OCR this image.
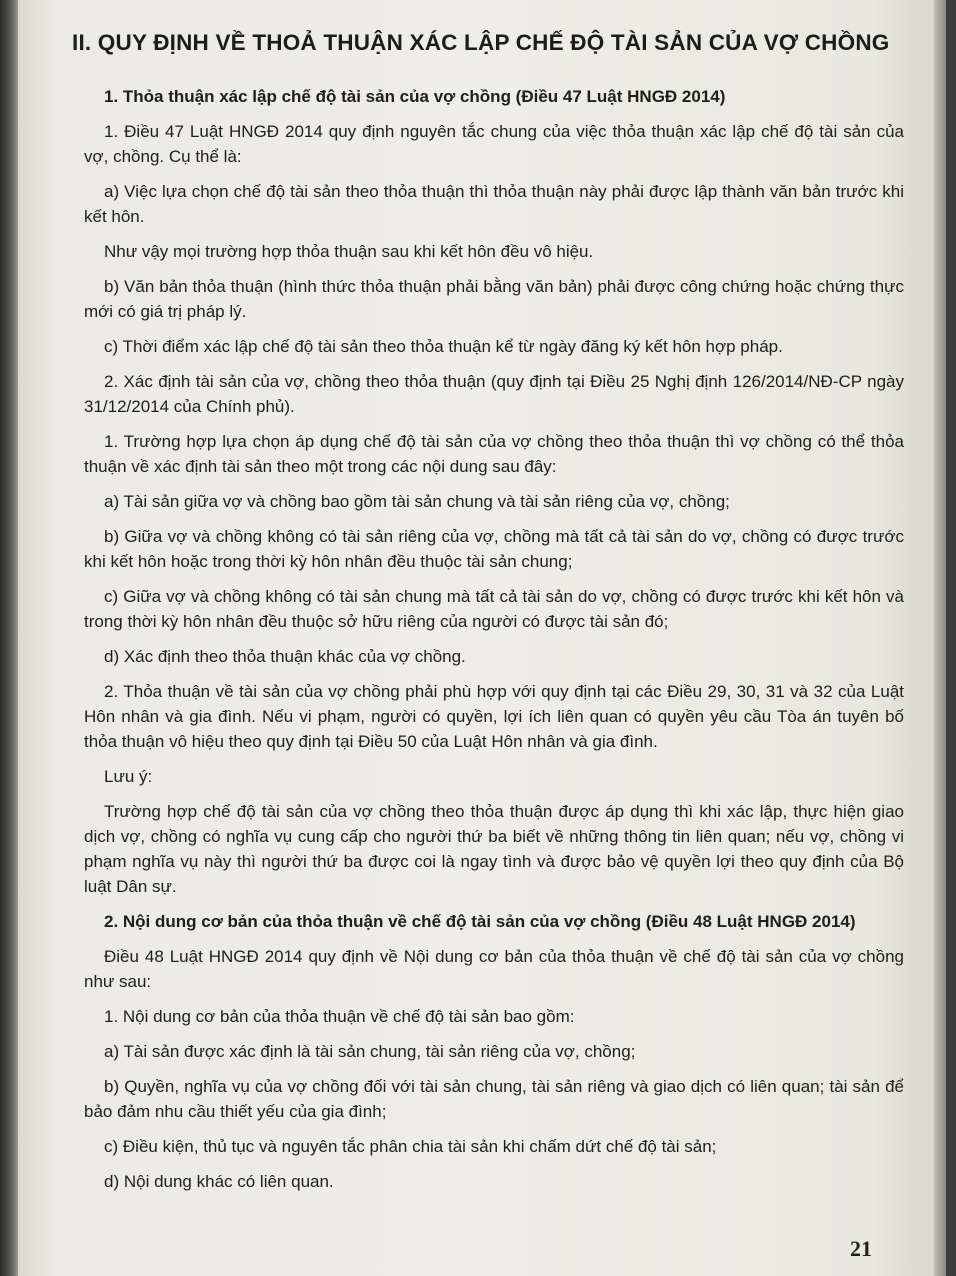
II. QUY ĐỊNH VỀ THOẢ THUẬN XÁC LẬP CHẾ ĐỘ TÀI SẢN CỦA VỢ CHỒNG

1. Thỏa thuận xác lập chế độ tài sản của vợ chồng (Điều 47 Luật HNGĐ 2014)

1. Điều 47 Luật HNGĐ 2014 quy định nguyên tắc chung của việc thỏa thuận xác lập chế độ tài sản của vợ, chồng. Cụ thể là:

a) Việc lựa chọn chế độ tài sản theo thỏa thuận thì thỏa thuận này phải được lập thành văn bản trước khi kết hôn.

Như vậy mọi trường hợp thỏa thuận sau khi kết hôn đều vô hiệu.

b) Văn bản thỏa thuận (hình thức thỏa thuận phải bằng văn bản) phải được công chứng hoặc chứng thực mới có giá trị pháp lý.

c) Thời điểm xác lập chế độ tài sản theo thỏa thuận kể từ ngày đăng ký kết hôn hợp pháp.

2. Xác định tài sản của vợ, chồng theo thỏa thuận (quy định tại Điều 25 Nghị định 126/2014/NĐ-CP ngày 31/12/2014 của Chính phủ).

1. Trường hợp lựa chọn áp dụng chế độ tài sản của vợ chồng theo thỏa thuận thì vợ chồng có thể thỏa thuận về xác định tài sản theo một trong các nội dung sau đây:

a) Tài sản giữa vợ và chồng bao gồm tài sản chung và tài sản riêng của vợ, chồng;

b) Giữa vợ và chồng không có tài sản riêng của vợ, chồng mà tất cả tài sản do vợ, chồng có được trước khi kết hôn hoặc trong thời kỳ hôn nhân đều thuộc tài sản chung;

c) Giữa vợ và chồng không có tài sản chung mà tất cả tài sản do vợ, chồng có được trước khi kết hôn và trong thời kỳ hôn nhân đều thuộc sở hữu riêng của người có được tài sản đó;

d) Xác định theo thỏa thuận khác của vợ chồng.

2. Thỏa thuận về tài sản của vợ chồng phải phù hợp với quy định tại các Điều 29, 30, 31 và 32 của Luật Hôn nhân và gia đình. Nếu vi phạm, người có quyền, lợi ích liên quan có quyền yêu cầu Tòa án tuyên bố thỏa thuận vô hiệu theo quy định tại Điều 50 của Luật Hôn nhân và gia đình.

Lưu ý:

Trường hợp chế độ tài sản của vợ chồng theo thỏa thuận được áp dụng thì khi xác lập, thực hiện giao dịch vợ, chồng có nghĩa vụ cung cấp cho người thứ ba biết về những thông tin liên quan; nếu vợ, chồng vi phạm nghĩa vụ này thì người thứ ba được coi là ngay tình và được bảo vệ quyền lợi theo quy định của Bộ luật Dân sự.

2. Nội dung cơ bản của thỏa thuận về chế độ tài sản của vợ chồng (Điều 48 Luật HNGĐ 2014)

Điều 48 Luật HNGĐ 2014 quy định về Nội dung cơ bản của thỏa thuận về chế độ tài sản của vợ chồng như sau:

1. Nội dung cơ bản của thỏa thuận về chế độ tài sản bao gồm:

a) Tài sản được xác định là tài sản chung, tài sản riêng của vợ, chồng;

b) Quyền, nghĩa vụ của vợ chồng đối với tài sản chung, tài sản riêng và giao dịch có liên quan; tài sản để bảo đảm nhu cầu thiết yếu của gia đình;

c) Điều kiện, thủ tục và nguyên tắc phân chia tài sản khi chấm dứt chế độ tài sản;

d) Nội dung khác có liên quan.

21
